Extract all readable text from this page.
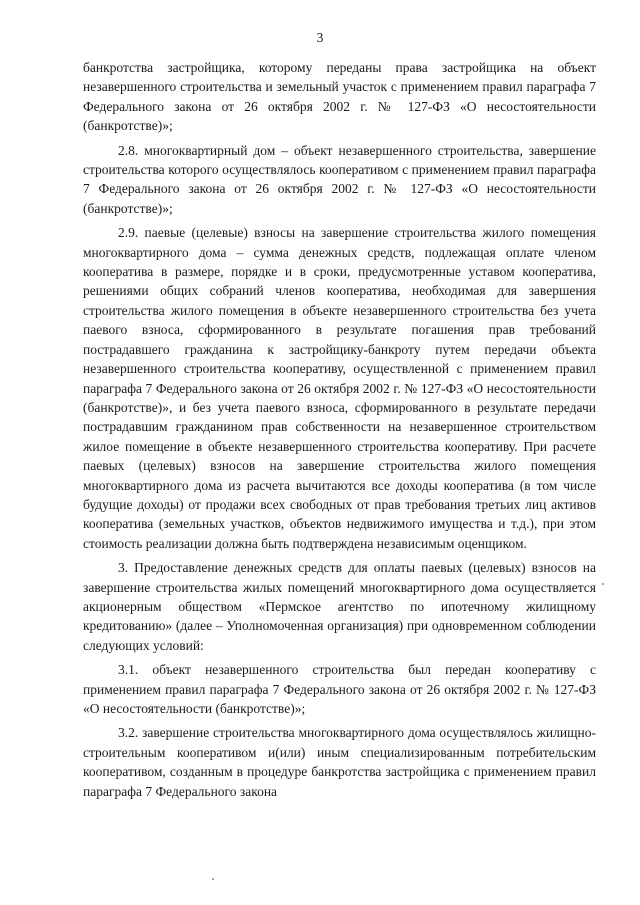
3

банкротства застройщика, которому переданы права застройщика на объект незавершенного строительства и земельный участок с применением правил параграфа 7 Федерального закона от 26 октября 2002 г. № 127-ФЗ «О несостоятельности (банкротстве)»;

2.8. многоквартирный дом – объект незавершенного строительства, завершение строительства которого осуществлялось кооперативом с применением правил параграфа 7 Федерального закона от 26 октября 2002 г. № 127-ФЗ «О несостоятельности (банкротстве)»;

2.9. паевые (целевые) взносы на завершение строительства жилого помещения многоквартирного дома – сумма денежных средств, подлежащая оплате членом кооператива в размере, порядке и в сроки, предусмотренные уставом кооператива, решениями общих собраний членов кооператива, необходимая для завершения строительства жилого помещения в объекте незавершенного строительства без учета паевого взноса, сформированного в результате погашения прав требований пострадавшего гражданина к застройщику-банкроту путем передачи объекта незавершенного строительства кооперативу, осуществленной с применением правил параграфа 7 Федерального закона от 26 октября 2002 г. № 127-ФЗ «О несостоятельности (банкротстве)», и без учета паевого взноса, сформированного в результате передачи пострадавшим гражданином прав собственности на незавершенное строительством жилое помещение в объекте незавершенного строительства кооперативу. При расчете паевых (целевых) взносов на завершение строительства жилого помещения многоквартирного дома из расчета вычитаются все доходы кооператива (в том числе будущие доходы) от продажи всех свободных от прав требования третьих лиц активов кооператива (земельных участков, объектов недвижимого имущества и т.д.), при этом стоимость реализации должна быть подтверждена независимым оценщиком.

3. Предоставление денежных средств для оплаты паевых (целевых) взносов на завершение строительства жилых помещений многоквартирного дома осуществляется акционерным обществом «Пермское агентство по ипотечному жилищному кредитованию» (далее – Уполномоченная организация) при одновременном соблюдении следующих условий:

3.1. объект незавершенного строительства был передан кооперативу с применением правил параграфа 7 Федерального закона от 26 октября 2002 г. № 127-ФЗ «О несостоятельности (банкротстве)»;

3.2. завершение строительства многоквартирного дома осуществлялось жилищно-строительным кооперативом и(или) иным специализированным потребительским кооперативом, созданным в процедуре банкротства застройщика с применением правил параграфа 7 Федерального закона
